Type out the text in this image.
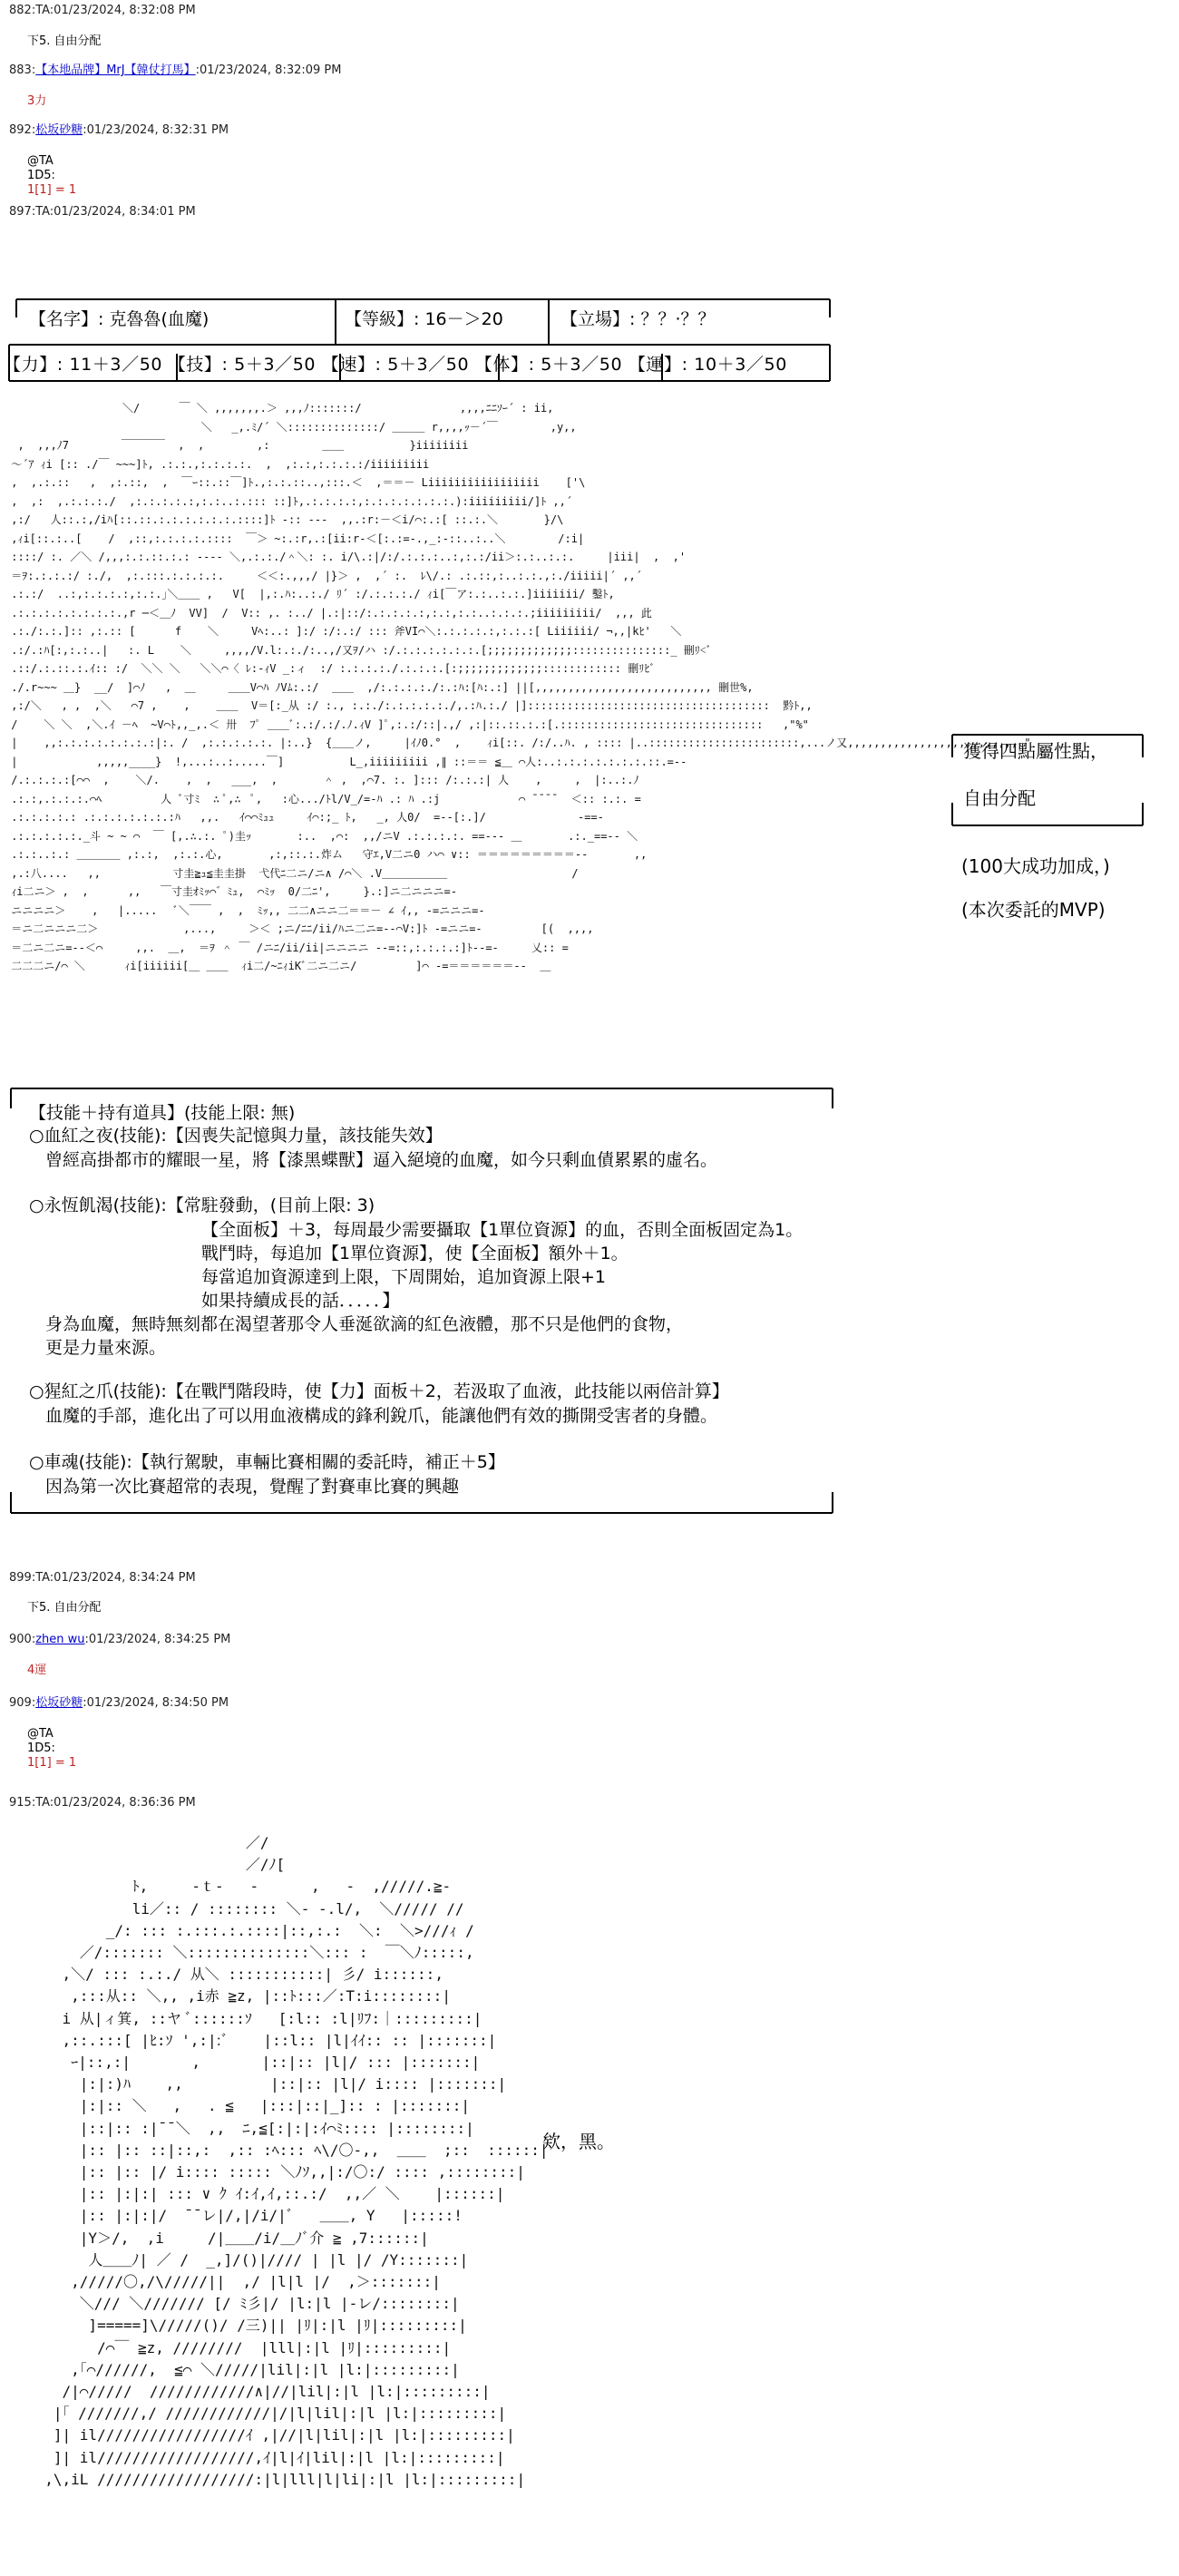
882:TA:01/23/2024, 8:32:08 PM
下5. 自由分配
883:【本地品牌】MrJ【韓仗打馬】:01/23/2024, 8:32:09 PM
3力
892:松坂砂糖:01/23/2024, 8:32:31 PM
@TA
1D5:
1[1] = 1
897:TA:01/23/2024, 8:34:01 PM
【名字】: 克魯魯(血魔)	【等級】: 16－＞20	【立場】: ？？·？？
【力】: 11＋3／50 【技】: 5＋3／50 【速】: 5＋3／50 【体】: 5＋3／50 【運】: 10＋3／50
＼/      ￣ ＼ ,,,,,,,.＞ ,,,ﾉ:::::::/               ,,,,ﾆﾆｿｰ´ : ii,
＼   _,.ﾐ/´ ＼::::::::::::::/ ＿＿＿ r,,,,ｯ－´￣        ,y,,
,  ,,,ﾉ7        ￣￣￣￣  ,  ,        ,:        ＿＿          }iiiiiiii
～´ｱ ｨi [:: ./￣ ~~~]ﾄ, .:.:.,:.:.:.:.  ,  ,:.:,:.:.:.:/iiiiiiiii
,  ,.:.::   ,  ,:.::,  ,  ￣ｰ::.::￣]ﾄ.,:.:.::..,:::.＜  ,＝＝－ Liiiiiiiiiiiiiiiii    ['\
,  ,:  ,.:.:.:./  ,:.:.:.:.:,:.:..:.::: ::]ﾄ,.:.:.:.:,:.:.:.:.:.:.:.):iiiiiiiii/]ﾄ ,,´
,:/   人::.:,/iﾊ[::.::.:.:.:.:.:.:.::::]ﾄ -:: ---  ,,.:r:－＜i/⌒:.:[ ::.:.＼       }/\
,ｨi[::.:..[    /  ,::,:.:.:.:.::::  ￣＞ ~:.:r,.:[ii:r-＜[:.:=-.,_:-::..:..＼        /:i|
::::/ :. ／＼ /,,,:.:.::.:.: ---- ＼,.:.:./＾＼: :. i/\.:|/:/.:.:.:..:,:.:/ii＞:.:..:.:.     |iii|  ,  ,'
＝ｦ:.:.:.:/ :./,  ,:.:::.:.:.:.:.     ＜＜:.,,,/ |}＞ ,  ,´ :.  ﾚ\/.: .:.::,:..:.:.,:./iiiii|´ ,,´
.:.:/  ..:,:.:.:.:,:.:.｣＼＿＿ ,   V[  |,:.ﾊ:..:./ ﾘ´ :/.:.:.:./ ｨi[￣ア:.:..:.:.]iiiiiii/ 鑿ﾄ,
.:.:.:.:.:.:.:.:.,r ─＜＿ﾉ  VV]  /  V:: ,. :../ |.:|::/:.:.:.:.:,:.:,:.:..:.:.:.;iiiiiiiii/  ,,, 此
.:./:.:.]:: ,:.:: [      f    ＼     Vﾍ:..: ]:/ :/:.:/ ::: 斧VI⌒＼:.:.:.:.:,:.:.:[ Liiiiii/ ¬,,|kﾋ'   ＼
.:/.:ﾊ[:,:.:..|   :. L    ＼     ,,,,/V.l:.:./:..,/又ｦ/ハ :/.:.:.:.:.:.:.[;;;;;;;;;;;;;:::::::::::::::_ 刪ﾘ<ﾞ
.::/.:.::.:.ｲ:: :/  ＼＼ ＼   ＼＼⌒〈 ﾚ:-ｨV _:ィ  :/ :.:.:.:./.:.:.:.[:;;;;;;;;;;;;;:::::::::::: 刪ﾘﾋﾞ
./.r~~~ ＿}  __/  ]⌒ﾉ   ,  ＿     ＿＿V⌒ﾊ ﾉVﾑ:.:/  ＿＿  ,/:.:.:.:./:.:ﾊ:[ﾊ:.:] ||[,,,,,,,,,,,,,,,,,,,,,,,,,,, 刪世%,
,:/＼   , ,  ,＼   ⌒7 ,    ,    ＿＿  V＝[:_从 :/ :., :.:./:.:.:.:.:./,.:ﾊ.:./ |]:::::::::::::::::::::::::::::::::::::  黔ﾄ,,
/    ＼ ＼  ,＼.ｲ －ﾍ  ~V⌒ﾄ,,_,.＜ 卅  ﾌﾟ ＿＿ﾞ:.:/.:/.ﾉ.ｨV ]ﾟ,:.:/::|.,/ ,:|::.::.:.:[.:::::::::::::::::::::::::::::::   ,"%"
|    ,,:.:.:.:.:.:.:.:|:. /  ,:.:.:.:.:. |:..}  {＿＿ノ,     |ｲﾉ0.°  ,    ｨi[::. /:/..ﾊ. , :::: |..:::::::::::::::::::::::,...ノ又,,,,,,,,,,,,,,,,,,,,,,,,,, "
|            ,,,,,____}  !,...:..:.....￣]          L_,iiiiiiiii ,∥ ::＝＝ ≦＿ ⌒人:..:.:.:.:.:.:.:.::.=--
/.:.:.:.:[⌒⌒  ,    ＼/.    ,  ,   ___,  ,       ＾ ,  ,⌒7. :. ]::: /:.:.:| 人    ,     ,  |:..:.ﾉ
.:.:,.:.:.:.⌒ﾍ         人 ﾞ寸ﾐ  ∴ ﾟ,∴  ﾟ,   :心.../ﾄl/V_/=-ﾊ .: ﾊ .:j            ⌒ ¯¯¯¯  ＜:: :.:. =
.:.:.:.:.: .:.:.:.:.:.:.:ﾊ   ,,.   ｲ⌒⌒ﾐｭｭ     ｲ⌒:;_ ﾄ,   _, 人0/  =--[:.]/              -==-
.:.:.:.:.:._斗 ~ ~ ⌒  ￣ [,.∴.:. ﾟ)圭ｯ       :..  ,⌒:  ,,/ニV .:.:.:.:. ==--- ＿       .:._==-- ＼
.:.:..:.: ＿＿＿＿ ,:.:,  ,:.:.心,       ,:,::.:.炸ム   守ｴ,V二ニ0 ハ⌒ ∨:: ＝＝＝＝＝＝＝＝＝--       ,,
,.:八....   ,,           寸圭≧ｭ≦圭圭掛  弋代ﾆ二ニ/ニ∧ /⌒＼ .V＿＿＿＿＿＿                   /
ｨi二ニ＞ ,  ,      ,,   ￣寸圭ｵﾐｯ⌒゛ﾐｭ,  ⌒ﾐｯ  0/二ﾆ',     }.:]ニ二ニニニ=-
ニニニニ＞    ,   |.....   ﾞ＼￣￣ ,  ,  ﾐｯ,, 二二∧ニニ二＝＝－ ∠ ｲ,, -=ニニニ=-
＝ニ二ニニニ二＞             ,...,     ＞＜ ;ニ/ﾆﾆ/ii/ﾊニ二ニ=--⌒V:]ﾄ -=ニニ=-         [(  ,,,,
＝二ニ二ニ=--＜⌒     ,,.  ＿,  ＝ｦ ＾ ￣ /ニﾆ/ii/ii|ニニニニ --=::,:.:.:.:]ﾄ--=-     乂:: =
二二二ニ/⌒ ＼      ｨi[iiiiii[＿ ＿＿  ｨi二/~ﾆｨiKﾞ二ニ二ニ/         ]⌒ -=＝＝＝＝＝＝--  ＿
【技能＋持有道具】(技能上限: 無)
○血紅之夜(技能):【因喪失記憶與力量，該技能失效】
曾經高掛都市的耀眼一星，將【漆黑蝶獸】逼入絕境的血魔，如今只剩血債累累的虛名。
○永恆飢渴(技能):【常駐發動，(目前上限: 3)
【全面板】＋3，每周最少需要攝取【1單位資源】的血，否則全面板固定為1。
戰鬥時，每追加【1單位資源】，使【全面板】額外＋1。
每當追加資源達到上限，下周開始，追加資源上限+1
如果持續成長的話．．．．．】
身為血魔，無時無刻都在渴望著那令人垂涎欲滴的紅色液體，那不只是他們的食物，
更是力量來源。
○猩紅之爪(技能):【在戰鬥階段時，使【力】面板＋2，若汲取了血液，此技能以兩倍計算】
血魔的手部，進化出了可以用血液構成的鋒利銳爪，能讓他們有效的撕開受害者的身體。
○車魂(技能):【執行駕駛，車輛比賽相關的委託時，補正＋5】
因為第一次比賽超常的表現，覺醒了對賽車比賽的興趣
獲得四點屬性點，
自由分配
(100大成功加成，)
(本次委託的MVP)
899:TA:01/23/2024, 8:34:24 PM
下5. 自由分配
900:zhen wu:01/23/2024, 8:34:25 PM
4運
909:松坂砂糖:01/23/2024, 8:34:50 PM
@TA
1D5:
1[1] = 1
915:TA:01/23/2024, 8:36:36 PM
／/
／/ﾉ[
ﾄ,     -ｔ-   -      ,   -  ,/////.≧-
li／:: / :::::::: ＼- -.l/,  ＼///// //
_/: ::: :.:::.:.::::|::,:.:  ＼:  ＼>///ｨ /
／/::::::: ＼::::::::::::::＼::: :  ￣＼ﾉ:::::,
,＼/ ::: :.:./ 从＼ :::::::::::| 彡/ i::::::,
,:::从:: ＼,, ,i赤 ≧z, |::ﾄ:::／:T:i::::::::|
i 从|ィ箕, ::ヤ ﾞ::::::ｿ   [:l:: :l|ﾘﾌ:｜:::::::::|
,::.:::[ |ﾋ:ｿ ',:|:ﾞ    |::l:: |l|ｲｲ:: :: |:::::::|
ｰ|::,:|       ,       |::|:: |l|/ ::: |:::::::|
|:|:)ﾊ    ,,          |::|:: |l|/ i:::: |:::::::|
|:|:: ＼   ,   . ≦   |:::|::|_]:: : |:::::::|
|::|:: :|¯¯＼  ,,  ﾆ,≦[:|:|:ｲ⌒ﾐ:::: |::::::::|
|:: |:: ::|::,:  ,:: :ﾍ::: ﾍ\/〇-,,  ＿＿  ;::  ::::::|
|:: |:: |/ i:::: ::::: ＼ﾉｿ,,|:/〇:/ :::: ,::::::::|
|:: |:|:| ::: ∨ ｸ ｲ:ｲ,ｲ,::.:/  ,,／ ＼    |::::::|
|:: |:|:|/  ¯¯レ|/,|/i/|ﾞ   ＿＿, Y   |:::::!
|Y＞/,  ,i     /|＿＿/i/＿ﾉﾞ介 ≧ ,7::::::|
人＿＿ﾉ| ／ /  _,]/()|//// | |l |/ /Y:::::::|
,/////〇,/\/////||  ,/ |l|l |/  ,＞:::::::|
＼/// ＼/////// [/ ﾐ彡|/ |l:|l |-レ/::::::::|
]=====]\/////()/ /三)|| |ﾘ|:|l |ﾘ|:::::::::|
/⌒￣ ≧z, ////////  |lll|:|l |ﾘ|:::::::::|
,｢⌒//////,  ≦⌒ ＼/////|lil|:|l |l:|:::::::::|
/|⌒/////  ////////////∧|//|lil|:|l |l:|:::::::::|
|｢ ///////,/ ////////////|/|l|lil|:|l |l:|:::::::::|
]| il/////////////////ｲ ,|//|l|lil|:|l |l:|:::::::::|
]| il//////////////////,ｲ|l|ｲ|lil|:|l |l:|:::::::::|
,\,iL //////////////////:|l|lll|l|li|:|l |l:|:::::::::|
欸，黑。
